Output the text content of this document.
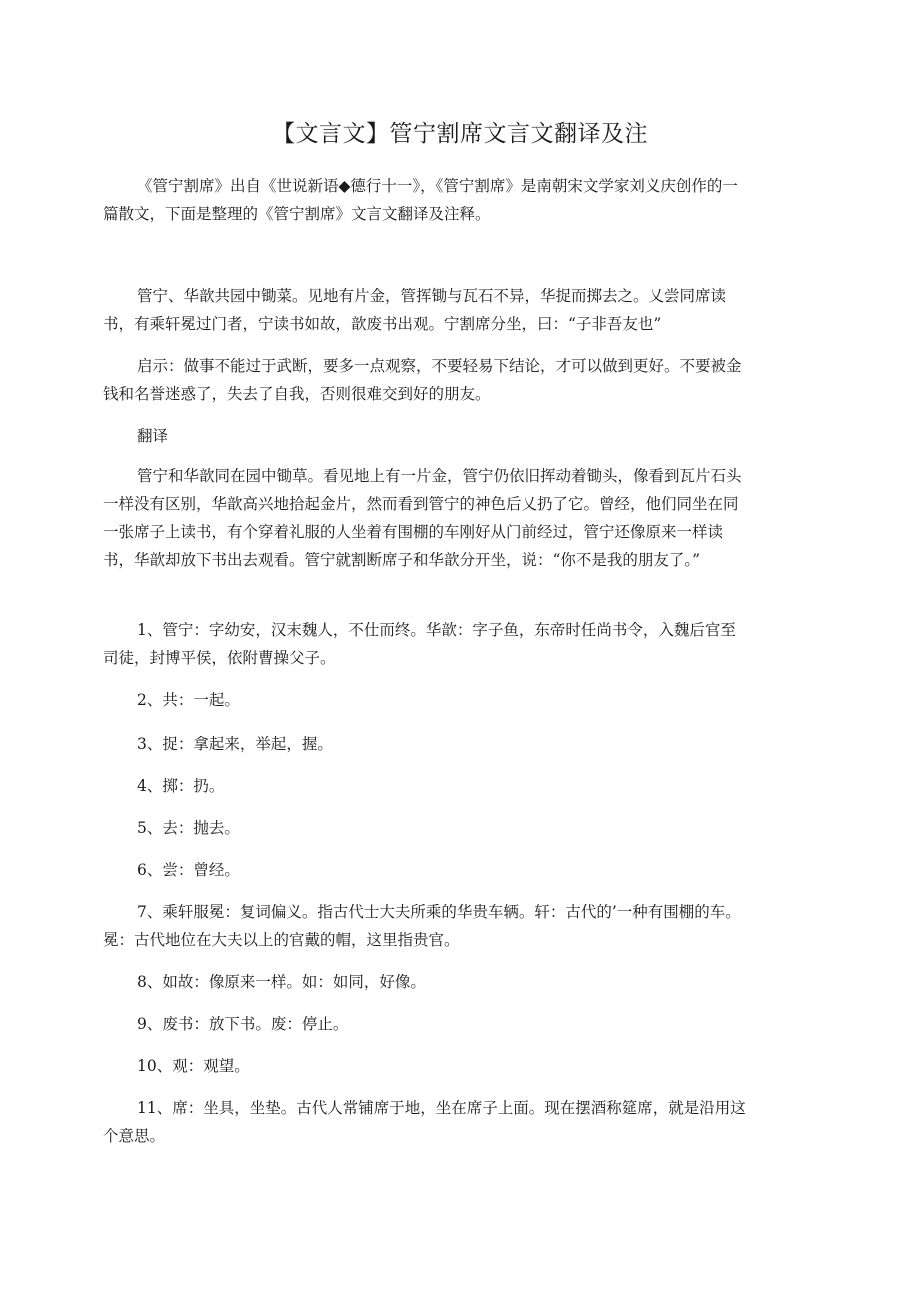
【文言文】管宁割席文言文翻译及注

《管宁割席》出自《世说新语◆德行十一》，《管宁割席》是南朝宋文学家刘义庆创作的一篇散文，下面是整理的《管宁割席》文言文翻译及注释。

管宁、华歆共园中锄菜。见地有片金，管挥锄与瓦石不异，华捉而掷去之。乂尝同席读书，有乘轩冕过门者，宁读书如故，歆废书出观。宁割席分坐，曰：“子非吾友也”

启示：做事不能过于武断，要多一点观察，不要轻易下结论，才可以做到更好。不要被金钱和名誉迷惑了，失去了自我，否则很难交到好的朋友。

翻译

管宁和华歆同在园中锄草。看见地上有一片金，管宁仍依旧挥动着锄头，像看到瓦片石头一样没有区别，华歆高兴地拾起金片，然而看到管宁的神色后乂扔了它。曾经，他们同坐在同一张席子上读书，有个穿着礼服的人坐着有围棚的车刚好从门前经过，管宁还像原来一样读书，华歆却放下书出去观看。管宁就割断席子和华歆分开坐，说：“你不是我的朋友了。”

1、管宁：字幼安，汉末魏人，不仕而终。华歆：字子鱼，东帝时任尚书令，入魏后官至司徒，封博平侯，依附曹操父子。

2、共：一起。

3、捉：拿起来，举起，握。

4、掷：扔。

5、去：抛去。

6、尝：曾经。

7、乘轩服冕：复词偏义。指古代士大夫所乘的华贵车辆。轩：古代的’一种有围棚的车。冕：古代地位在大夫以上的官戴的帽，这里指贵官。

8、如故：像原来一样。如：如同，好像。

9、废书：放下书。废：停止。

10、观：观望。

11、席：坐具，坐垫。古代人常铺席于地，坐在席子上面。现在摆酒称筵席，就是沿用这个意思。
